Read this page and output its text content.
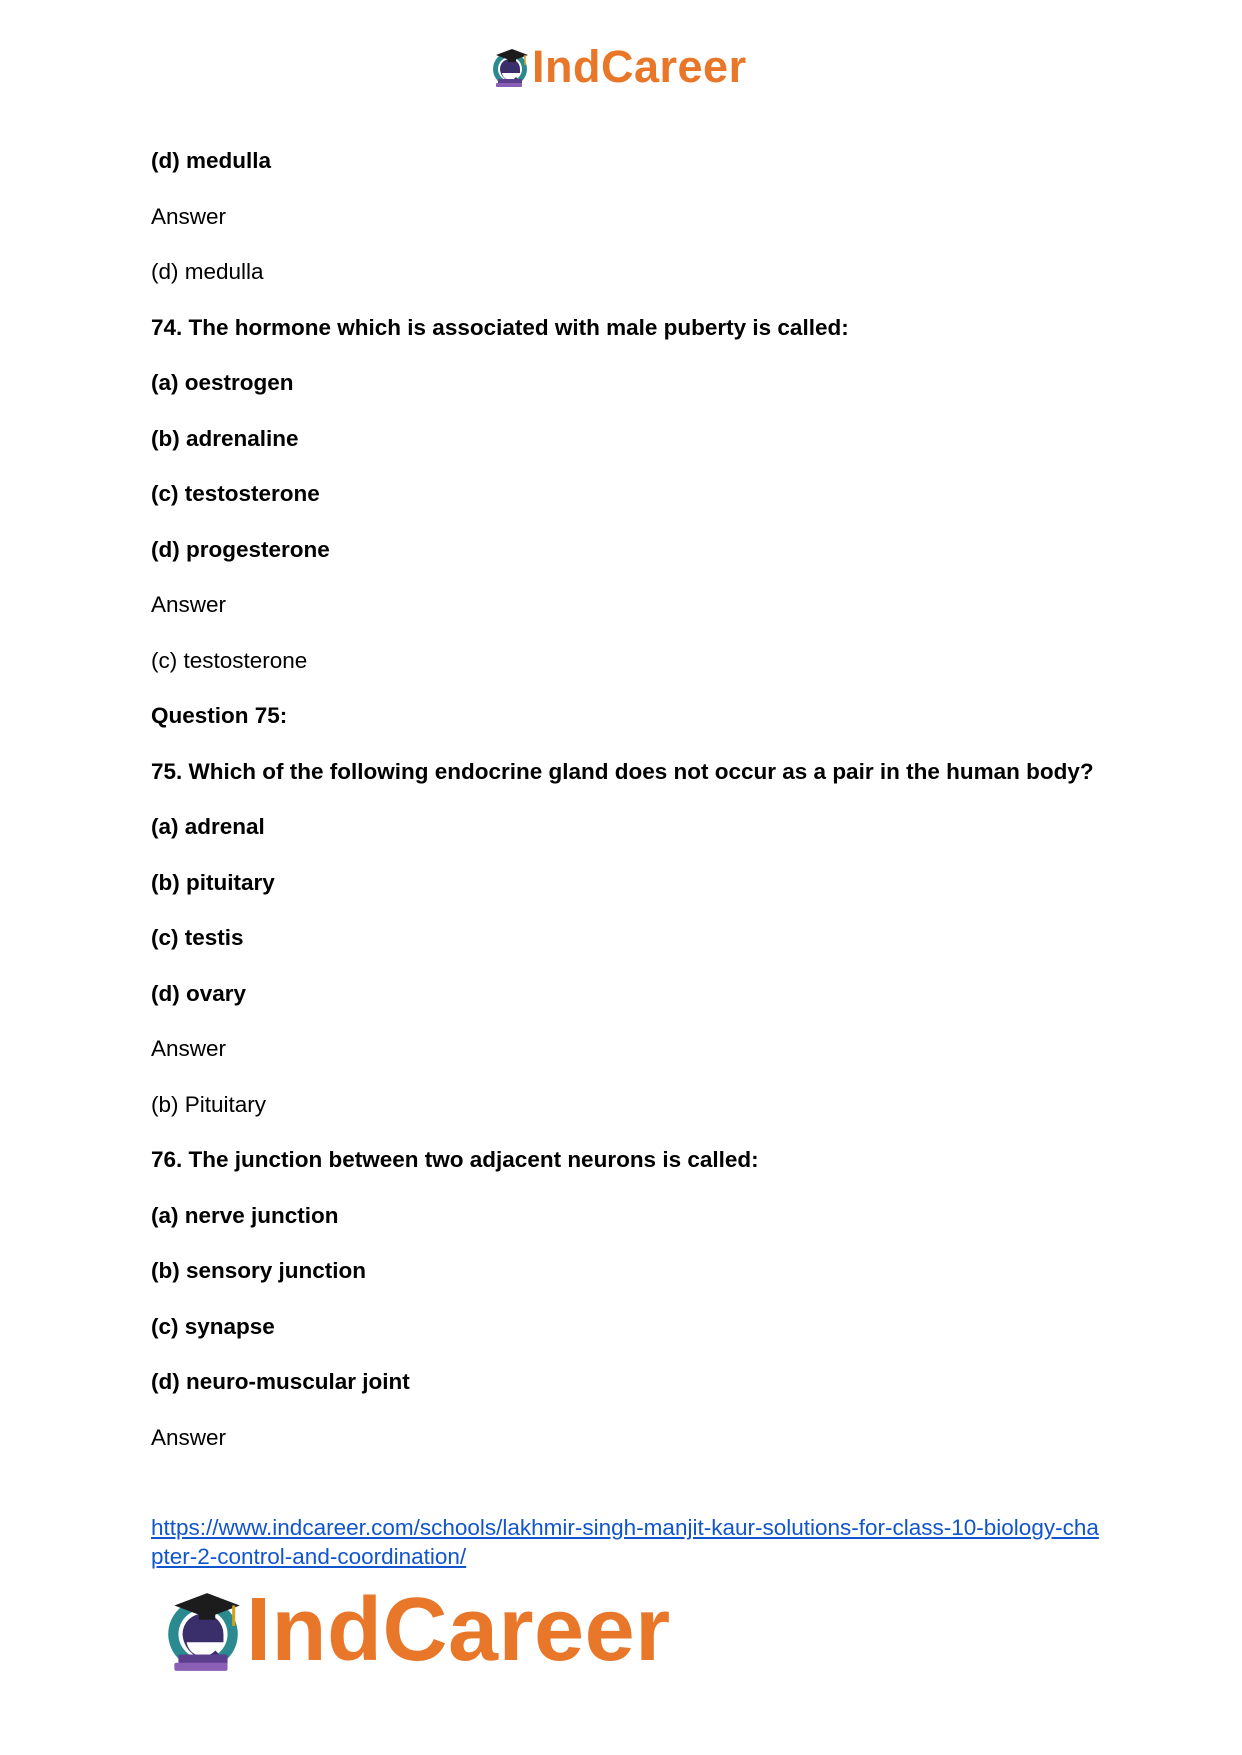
IndCareer

(d) medulla

Answer

(d) medulla

74. The hormone which is associated with male puberty is called:

(a) oestrogen

(b) adrenaline

(c) testosterone

(d) progesterone

Answer

(c) testosterone

Question 75:

75. Which of the following endocrine gland does not occur as a pair in the human body?

(a) adrenal

(b) pituitary

(c) testis

(d) ovary

Answer

(b) Pituitary

76. The junction between two adjacent neurons is called:

(a) nerve junction

(b) sensory junction

(c) synapse

(d) neuro-muscular joint

Answer

https://www.indcareer.com/schools/lakhmir-singh-manjit-kaur-solutions-for-class-10-biology-chapter-2-control-and-coordination/
IndCareer
